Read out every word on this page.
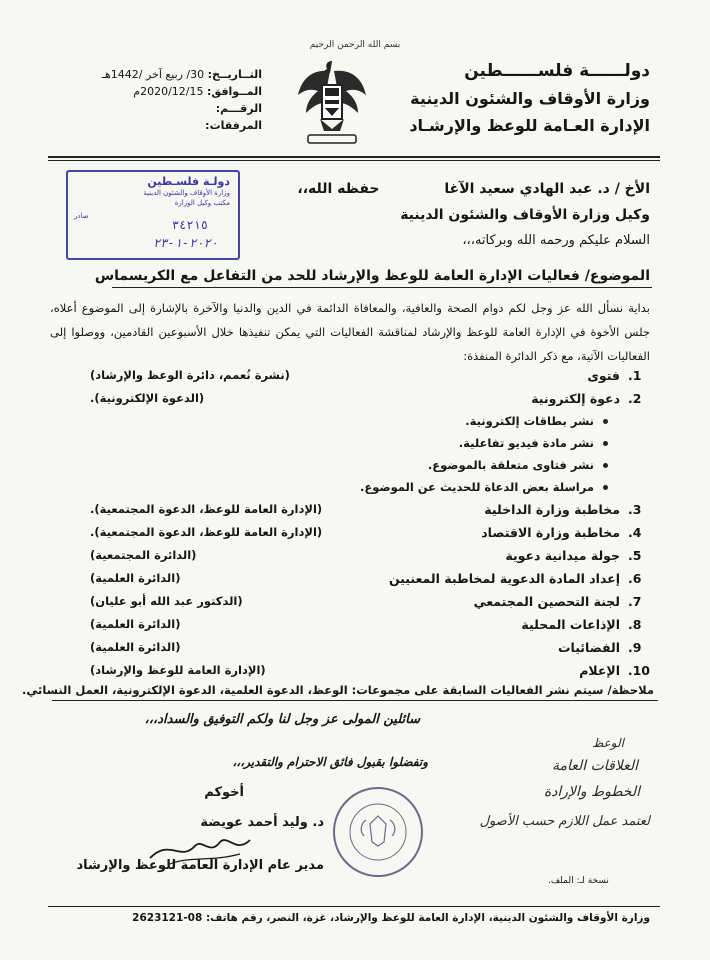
بسم الله الرحمن الرحيم
دولــــــة فلســــــطين
وزارة الأوقاف والشئون الدينية
الإدارة العـامة للوعظ والإرشـاد
التــاريــخ: 30/ ربيع آخر /1442هـ
المــوافق: 2020/12/15م
الرقـــم:
المرفقات:
الأخ / د. عبد الهادي سعيد الآغا حفظه الله،،
وكيل وزارة الأوقاف والشئون الدينية
السلام عليكم ورحمه الله وبركاته،،،
دولـة فلسـطين
وزارة الأوقاف والشئون الدينية
مكتب وكيل الوزارة
صادر
٣٤٢١٥
٢٠٢٠-١-٢٣
الموضوع/ فعاليات الإدارة العامة للوعظ والإرشاد للحد من التفاعل مع الكريسماس
بداية نسأل الله عز وجل لكم دوام الصحة والعافية، والمعافاة الدائمة في الدين والدنيا والآخرة بالإشارة إلى الموضوع أعلاه، جلس الأخوة في الإدارة العامة للوعظ والإرشاد لمناقشة الفعاليات التي يمكن تنفيذها خلال الأسبوعين القادمين، ووصلوا إلى الفعاليات الآتية، مع ذكر الدائرة المنفذة:
1.
فتوى
(نشرة نُعمم، دائرة الوعظ والإرشاد)
2.
دعوة إلكترونية
(الدعوة الإلكترونية).
نشر بطاقات إلكترونية.
نشر مادة فيديو تفاعلية.
نشر فتاوى متعلقة بالموضوع.
مراسلة بعض الدعاة للحديث عن الموضوع.
3.
مخاطبة وزارة الداخلية
(الإدارة العامة للوعظ، الدعوة المجتمعية).
4.
مخاطبة وزارة الاقتصاد
(الإدارة العامة للوعظ، الدعوة المجتمعية).
5.
جولة ميدانية دعوية
(الدائرة المجتمعية)
6.
إعداد المادة الدعوية لمخاطبة المعنيين
(الدائرة العلمية)
7.
لجنة التحصين المجتمعي
(الدكتور عبد الله أبو عليان)
8.
الإذاعات المحلية
(الدائرة العلمية)
9.
الفضائيات
(الدائرة العلمية)
10.
الإعلام
(الإدارة العامة للوعظ والإرشاد)
ملاحظة/ سيتم نشر الفعاليات السابقة على مجموعات: الوعظ، الدعوة العلمية، الدعوة الإلكترونية، العمل النسائي.
سائلين المولى عز وجل لنا ولكم التوفيق والسداد،،،
وتفضلوا بقبول فائق الاحترام والتقدير،،،
أخوكم
د. وليد أحمد عويضة
مدير عام الإدارة العامة للوعظ والإرشاد
الوعظ
العلاقات العامة
الخطوط والإرادة
لعتمد عمل اللازم حسب الأصول
نسخة لـ: الملف.
وزارة الأوقاف والشئون الدينية، الإدارة العامة للوعظ والإرشاد، غزة، النصر، رقم هاتف: 08-2623121
